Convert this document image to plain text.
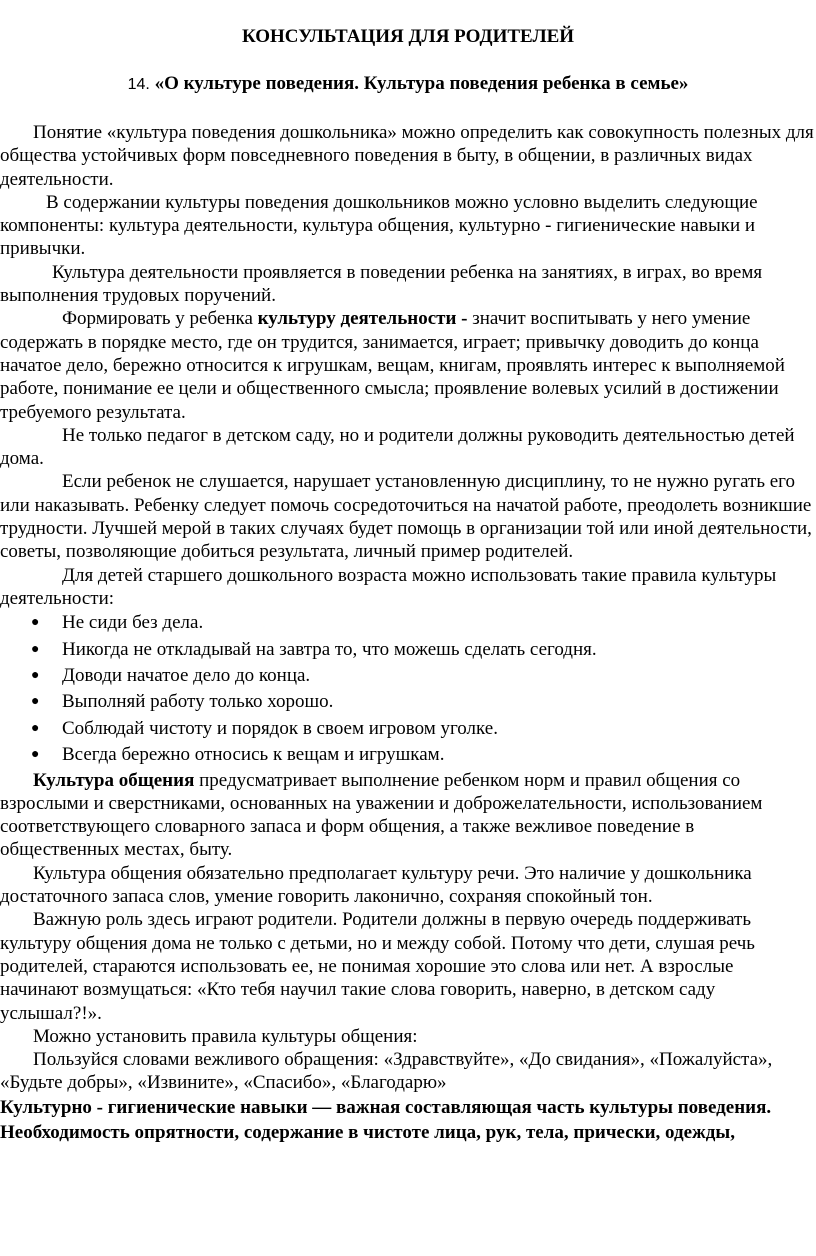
КОНСУЛЬТАЦИЯ ДЛЯ РОДИТЕЛЕЙ
14. «О культуре поведения. Культура поведения ребенка в семье»

Понятие «культура поведения дошкольника» можно определить как совокупность полезных для общества устойчивых форм повседневного поведения в быту, в общении, в различных видах деятельности.

В содержании культуры поведения дошкольников можно условно выделить следующие компоненты: культура деятельности, культура общения, культурно - гигиенические навыки и привычки.

Культура деятельности проявляется в поведении ребенка на занятиях, в играх, во время выполнения трудовых поручений.

Формировать у ребенка культуру деятельности - значит воспитывать у него умение содержать в порядке место, где он трудится, занимается, играет; привычку доводить до конца начатое дело, бережно относится к игрушкам, вещам, книгам, проявлять интерес к выполняемой работе, понимание ее цели и общественного смысла; проявление волевых усилий в достижении требуемого результата.

Не только педагог в детском саду, но и родители должны руководить деятельностью детей дома.

Если ребенок не слушается, нарушает установленную дисциплину, то не нужно ругать его или наказывать. Ребенку следует помочь сосредоточиться на начатой работе, преодолеть возникшие трудности. Лучшей мерой в таких случаях будет помощь в организации той или иной деятельности, советы, позволяющие добиться результата, личный пример родителей.

Для детей старшего дошкольного возраста можно использовать такие правила культуры деятельности:

● Не сиди без дела.
● Никогда не откладывай на завтра то, что можешь сделать сегодня.
● Доводи начатое дело до конца.
● Выполняй работу только хорошо.
● Соблюдай чистоту и порядок в своем игровом уголке.
● Всегда бережно относись к вещам и игрушкам.

Культура общения предусматривает выполнение ребенком норм и правил общения со взрослыми и сверстниками, основанных на уважении и доброжелательности, использованием соответствующего словарного запаса и форм общения, а также вежливое поведение в общественных местах, быту.

Культура общения обязательно предполагает культуру речи. Это наличие у дошкольника достаточного запаса слов, умение говорить лаконично, сохраняя спокойный тон.

Важную роль здесь играют родители. Родители должны в первую очередь поддерживать культуру общения дома не только с детьми, но и между собой. Потому что дети, слушая речь родителей, стараются использовать ее, не понимая хорошие это слова или нет. А взрослые начинают возмущаться: «Кто тебя научил такие слова говорить, наверно, в детском саду услышал?!».

Можно установить правила культуры общения:

Пользуйся словами вежливого обращения: «Здравствуйте», «До свидания», «Пожалуйста», «Будьте добры», «Извините», «Спасибо», «Благодарю»

Культурно - гигиенические навыки — важная составляющая часть культуры поведения.

Необходимость опрятности, содержание в чистоте лица, рук, тела, прически, одежды,
